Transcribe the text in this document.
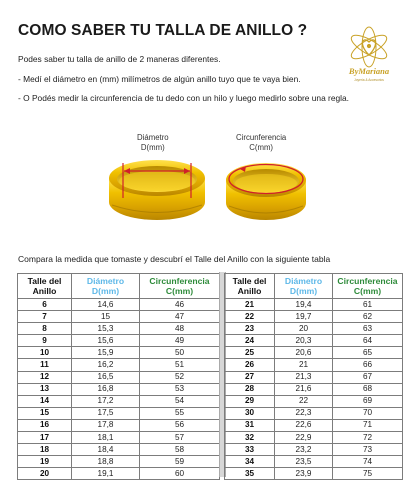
COMO SABER TU TALLA DE ANILLO ?
Podes saber tu talla de anillo de 2 maneras diferentes.
- Medí el diámetro en (mm) milímetros de algún anillo tuyo que te vaya bien.
- O Podés medir la circunferencia de tu dedo con un hilo y luego medirlo sobre una regla.
ByMariana
Joyería & Accesorios
Diámetro
D(mm)
Circunferencia
C(mm)
Compara la medida que tomaste y descubrí el Talle del Anillo con la siguiente tabla
Talle del
Anillo	Diámetro
D(mm)	Circunferencia
C(mm)
6	14,6	46
7	15	47
8	15,3	48
9	15,6	49
10	15,9	50
11	16,2	51
12	16,5	52
13	16,8	53
14	17,2	54
15	17,5	55
16	17,8	56
17	18,1	57
18	18,4	58
19	18,8	59
20	19,1	60
Talle del
Anillo	Diámetro
D(mm)	Circunferencia
C(mm)
21	19,4	61
22	19,7	62
23	20	63
24	20,3	64
25	20,6	65
26	21	66
27	21,3	67
28	21,6	68
29	22	69
30	22,3	70
31	22,6	71
32	22,9	72
33	23,2	73
34	23,5	74
35	23,9	75
